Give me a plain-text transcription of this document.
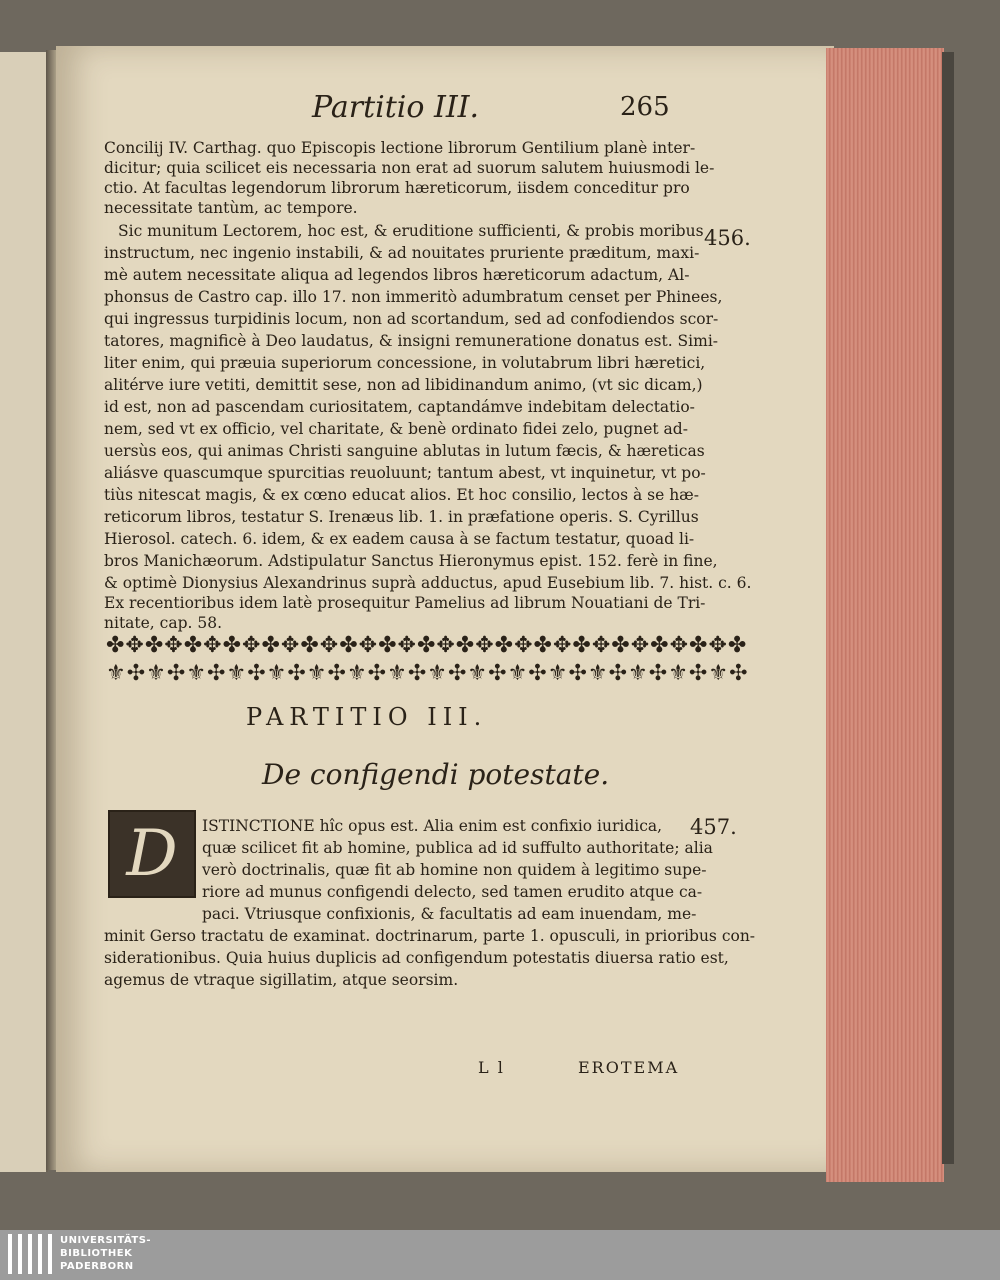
Partitio III.	265
Concilij IV. Carthag. quo Episcopis lectione librorum Gentilium planè inter-
dicitur; quia scilicet eis necessaria non erat ad suorum salutem huiusmodi le-
ctio. At facultas legendorum librorum hæreticorum, iisdem conceditur pro
necessitate tantùm, ac tempore.
Sic munitum Lectorem, hoc est, & eruditione sufficienti, & probis moribus
instructum, nec ingenio instabili, & ad nouitates pruriente præditum, maxi-
mè autem necessitate aliqua ad legendos libros hæreticorum adactum, Al-
phonsus de Castro cap. illo 17. non immeritò adumbratum censet per Phinees,
qui ingressus turpidinis locum, non ad scortandum, sed ad confodiendos scor-
tatores, magnificè à Deo laudatus, & insigni remuneratione donatus est. Simi-
liter enim, qui præuia superiorum concessione, in volutabrum libri hæretici,
alitérve iure vetiti, demittit sese, non ad libidinandum animo, (vt sic dicam,)
id est, non ad pascendam curiositatem, captandámve indebitam delectatio-
nem, sed vt ex officio, vel charitate, & benè ordinato fidei zelo, pugnet ad-
uersùs eos, qui animas Christi sanguine ablutas in lutum fæcis, & hæreticas
aliásve quascumque spurcitias reuoluunt; tantum abest, vt inquinetur, vt po-
tiùs nitescat magis, & ex cœno educat alios. Et hoc consilio, lectos à se hæ-
reticorum libros, testatur S. Irenæus lib. 1. in præfatione operis. S. Cyrillus
Hierosol. catech. 6. idem, & ex eadem causa à se factum testatur, quoad li-
bros Manichæorum. Adstipulatur Sanctus Hieronymus epist. 152. ferè in fine,
& optimè Dionysius Alexandrinus suprà adductus, apud Eusebium lib. 7. hist. c. 6.
Ex recentioribus idem latè prosequitur Pamelius ad librum Nouatiani de Tri-
nitate, cap. 58.
456.
457.
✤✥✤✥✤✥✤✥✤✥✤✥✤✥✤✥✤✥✤✥✤✥✤✥✤✥✤✥✤✥✤✥✤
⚜✣⚜✣⚜✣⚜✣⚜✣⚜✣⚜✣⚜✣⚜✣⚜✣⚜✣⚜✣⚜✣⚜✣⚜✣⚜✣
PARTITIO III.
De configendi potestate.
D	ISTINCTIONE hîc opus est. Alia enim est confixio iuridica,
quæ scilicet fit ab homine, publica ad id suffulto authoritate; alia
verò doctrinalis, quæ fit ab homine non quidem à legitimo supe-
riore ad munus configendi delecto, sed tamen erudito atque ca-
paci. Vtriusque confixionis, & facultatis ad eam inuendam, me-
minit Gerso tractatu de examinat. doctrinarum, parte 1. opusculi, in prioribus con-
siderationibus. Quia huius duplicis ad configendum potestatis diuersa ratio est,
agemus de vtraque sigillatim, atque seorsim.
L l	EROTEMA
UNIVERSITÄTS-
BIBLIOTHEK
PADERBORN
